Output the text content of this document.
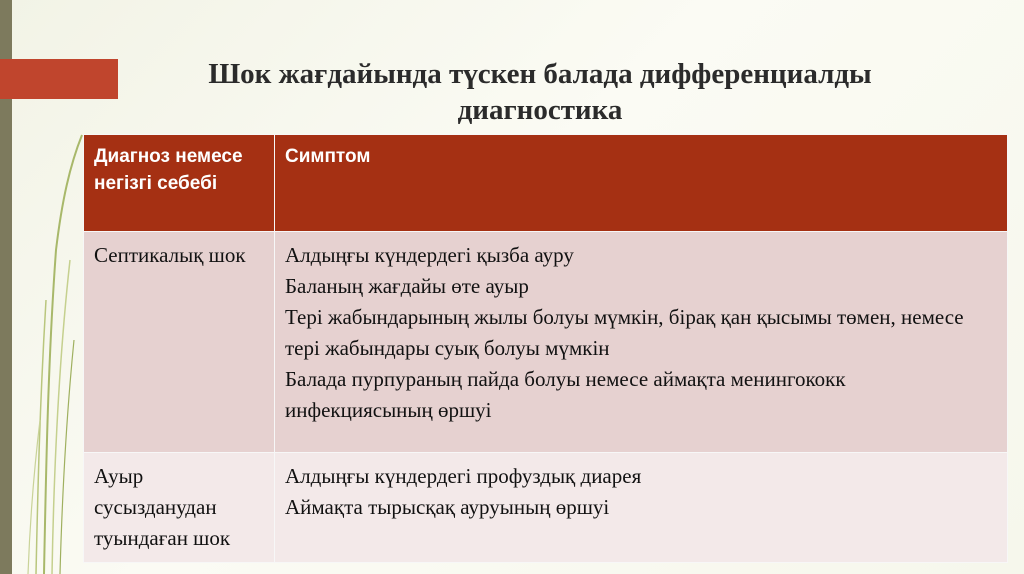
Шок жағдайында түскен балада дифференциалды
диагностика
Диагноз немесе негізгі себебі	Симптом
Септикалық шок	Алдыңғы күндердегі қызба ауру
Баланың жағдайы өте ауыр
Тері жабындарының жылы болуы мүмкін, бірақ қан қысымы төмен, немесе тері жабындары суық болуы мүмкін
Балада пурпураның пайда болуы немесе аймақта менингококк инфекциясының өршуі

Ауыр сусызданудан туындаған шок	Алдыңғы күндердегі профуздық диарея
Аймақта тырысқақ ауруының өршуі
